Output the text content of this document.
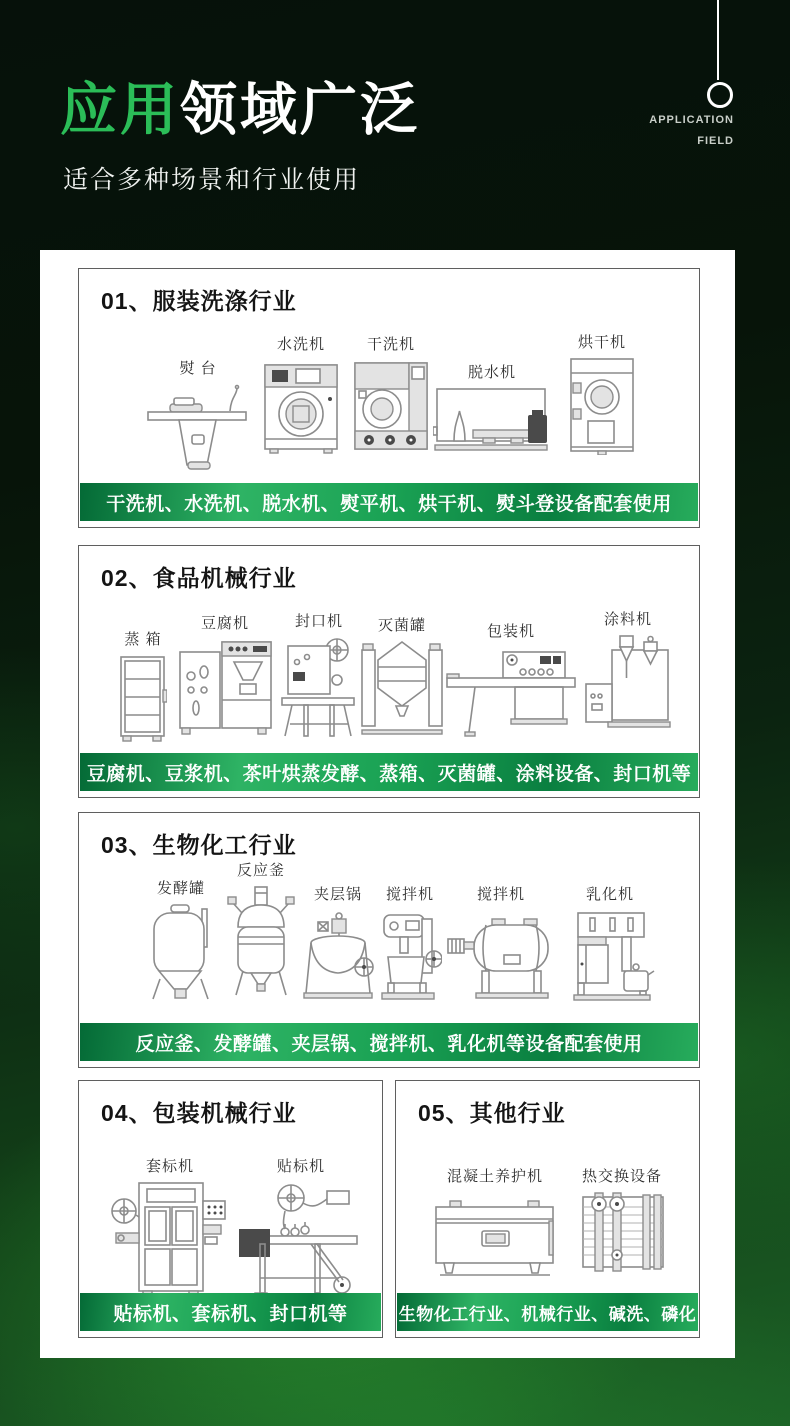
应用领域广泛
适合多种场景和行业使用
APPLICATION
FIELD
01、服装洗涤行业
熨 台
水洗机	干洗机
脱水机
烘干机
干洗机、水洗机、脱水机、熨平机、烘干机、熨斗登设备配套使用
02、食品机械行业
蒸 箱
豆腐机	封口机 灭菌罐	包装机
涂料机
豆腐机、豆浆机、茶叶烘蒸发酵、蒸箱、灭菌罐、涂料设备、封口机等
03、生物化工行业
发酵罐
反应釜
夹层锅 搅拌机	搅拌机	乳化机
反应釜、发酵罐、夹层锅、搅拌机、乳化机等设备配套使用
04、包装机械行业
套标机	贴标机
贴标机、套标机、封口机等
05、其他行业
混凝土养护机	热交换设备
生物化工行业、机械行业、碱洗、磷化
